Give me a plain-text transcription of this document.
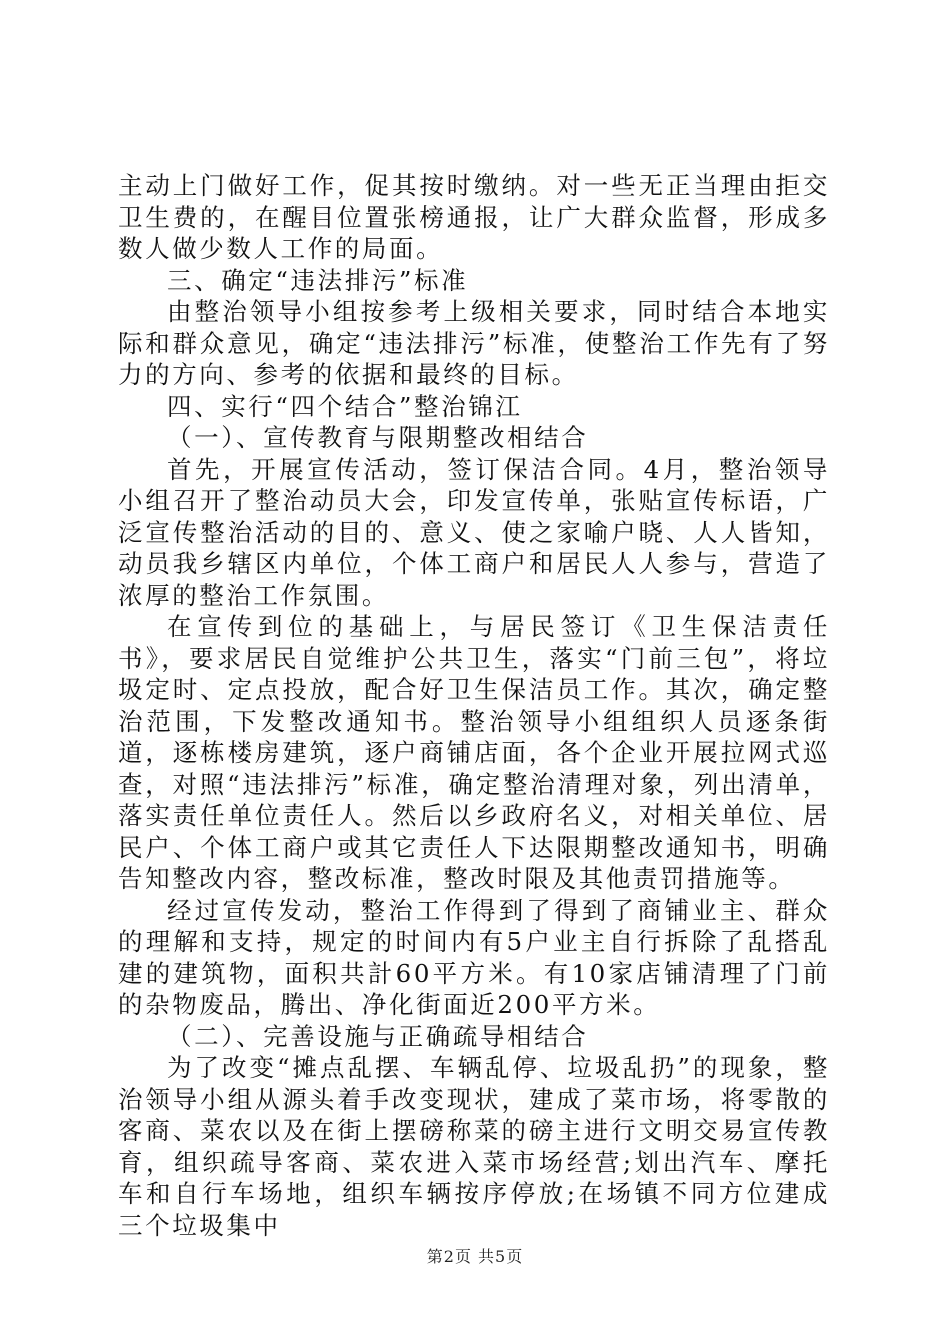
主动上门做好工作，促其按时缴纳。对一些无正当理由拒交卫生费的，在醒目位置张榜通报，让广大群众监督，形成多数人做少数人工作的局面。

三、确定“违法排污”标准

由整治领导小组按参考上级相关要求，同时结合本地实际和群众意见，确定“违法排污”标准，使整治工作先有了努力的方向、参考的依据和最终的目标。

四、实行“四个结合”整治锦江

（一）、宣传教育与限期整改相结合

首先，开展宣传活动，签订保洁合同。4月，整治领导小组召开了整治动员大会，印发宣传单，张贴宣传标语，广泛宣传整治活动的目的、意义、使之家喻户晓、人人皆知，动员我乡辖区内单位，个体工商户和居民人人参与，营造了浓厚的整治工作氛围。

在宣传到位的基础上，与居民签订《卫生保洁责任书》，要求居民自觉维护公共卫生，落实“门前三包”，将垃圾定时、定点投放，配合好卫生保洁员工作。其次，确定整治范围，下发整改通知书。整治领导小组组织人员逐条街道，逐栋楼房建筑，逐户商铺店面，各个企业开展拉网式巡查，对照“违法排污”标准，确定整治清理对象，列出清单，落实责任单位责任人。然后以乡政府名义，对相关单位、居民户、个体工商户或其它责任人下达限期整改通知书，明确告知整改内容，整改标准，整改时限及其他责罚措施等。

经过宣传发动，整治工作得到了得到了商铺业主、群众的理解和支持，规定的时间内有5户业主自行拆除了乱搭乱建的建筑物，面积共計60平方米。有10家店铺清理了门前的杂物废品，腾出、净化街面近200平方米。

（二）、完善设施与正确疏导相结合

为了改变“摊点乱摆、车辆乱停、垃圾乱扔”的现象，整治领导小组从源头着手改变现状，建成了菜市场，将零散的客商、菜农以及在街上摆磅称菜的磅主进行文明交易宣传教育，组织疏导客商、菜农进入菜市场经营;划出汽车、摩托车和自行车场地，组织车辆按序停放;在场镇不同方位建成三个垃圾集中

第2页 共5页
